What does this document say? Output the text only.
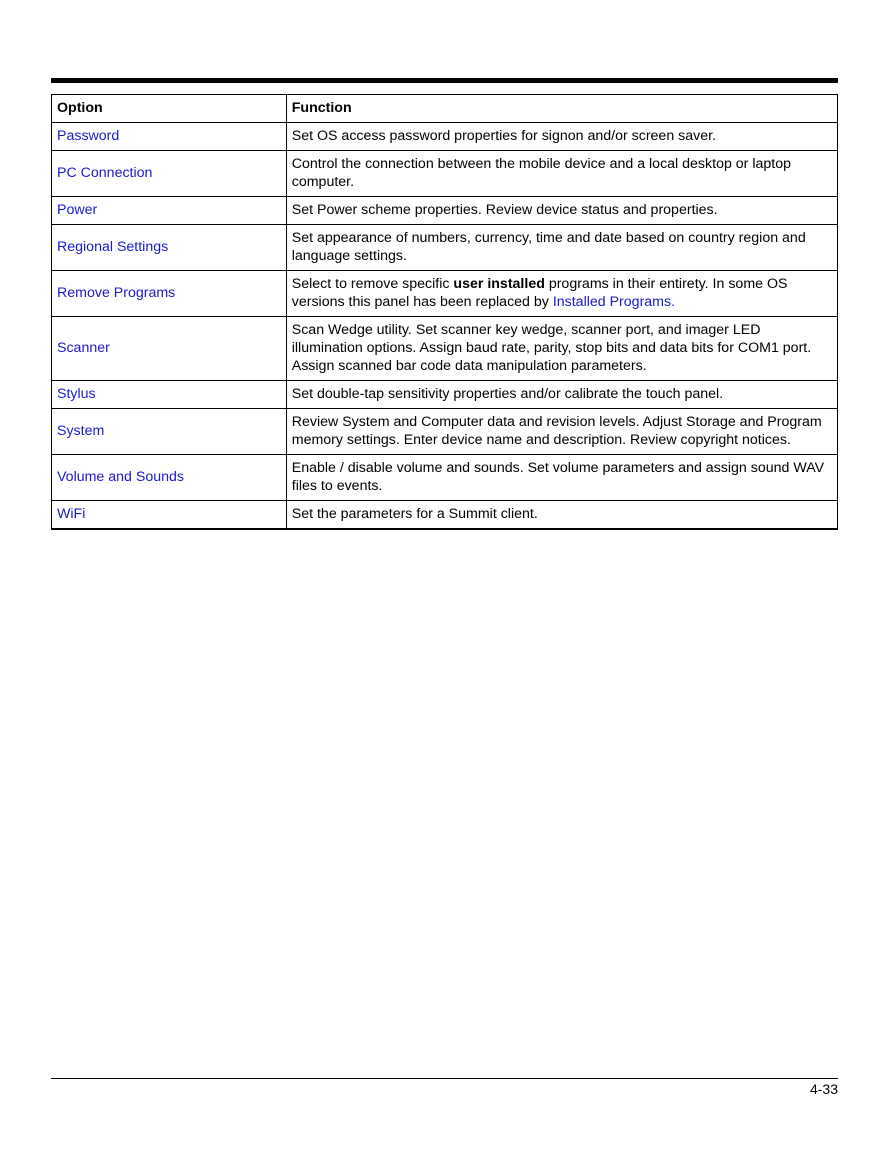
Option	Function
Password	Set OS access password properties for signon and/or screen saver.
PC Connection	Control the connection between the mobile device and a local desktop or laptop computer.
Power	Set Power scheme properties. Review device status and properties.
Regional Settings	Set appearance of numbers, currency, time and date based on country region and language settings.
Remove Programs	Select to remove specific user installed programs in their entirety. In some OS versions this panel has been replaced by Installed Programs.
Scanner	Scan Wedge utility. Set scanner key wedge, scanner port, and imager LED illumination options. Assign baud rate, parity, stop bits and data bits for COM1 port. Assign scanned bar code data manipulation parameters.
Stylus	Set double-tap sensitivity properties and/or calibrate the touch panel.
System	Review System and Computer data and revision levels. Adjust Storage and Program memory settings. Enter device name and description. Review copyright notices.
Volume and Sounds	Enable / disable volume and sounds. Set volume parameters and assign sound WAV files to events.
WiFi	Set the parameters for a Summit client.
4-33
